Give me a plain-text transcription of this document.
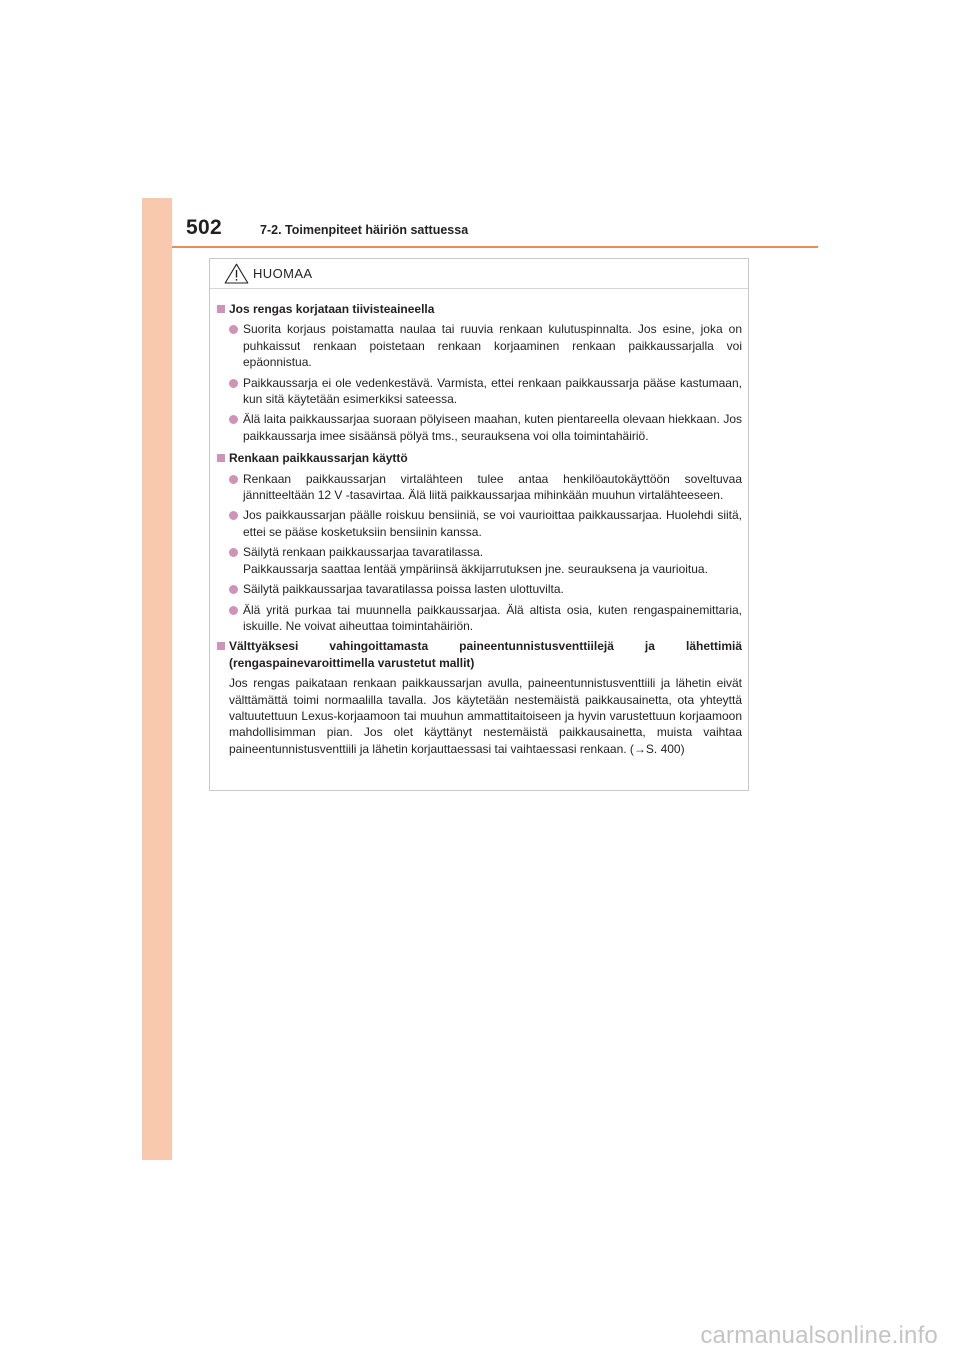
502	7-2. Toimenpiteet häiriön sattuessa
HUOMAA
Jos rengas korjataan tiivisteaineella
Suorita korjaus poistamatta naulaa tai ruuvia renkaan kulutuspinnalta. Jos esine, joka on puhkaissut renkaan poistetaan renkaan korjaaminen renkaan paikkaussarjalla voi epäonnistua.
Paikkaussarja ei ole vedenkestävä. Varmista, ettei renkaan paikkaussarja pääse kastumaan, kun sitä käytetään esimerkiksi sateessa.
Älä laita paikkaussarjaa suoraan pölyiseen maahan, kuten pientareella olevaan hiekkaan. Jos paikkaussarja imee sisäänsä pölyä tms., seurauksena voi olla toimintahäiriö.
Renkaan paikkaussarjan käyttö
Renkaan paikkaussarjan virtalähteen tulee antaa henkilöautokäyttöön soveltuvaa jännitteeltään 12 V -tasavirtaa. Älä liitä paikkaussarjaa mihinkään muuhun virtalähteeseen.
Jos paikkaussarjan päälle roiskuu bensiiniä, se voi vaurioittaa paikkaussarjaa. Huolehdi siitä, ettei se pääse kosketuksiin bensiinin kanssa.
Säilytä renkaan paikkaussarjaa tavaratilassa.
Paikkaussarja saattaa lentää ympäriinsä äkkijarrutuksen jne. seurauksena ja vaurioitua.
Säilytä paikkaussarjaa tavaratilassa poissa lasten ulottuvilta.
Älä yritä purkaa tai muunnella paikkaussarjaa. Älä altista osia, kuten rengaspainemittaria, iskuille. Ne voivat aiheuttaa toimintahäiriön.
Välttyäksesi vahingoittamasta paineentunnistusventtiilejä ja lähettimiä (rengaspainevaroittimella varustetut mallit)

Jos rengas paikataan renkaan paikkaussarjan avulla, paineentunnistusventtiili ja lähetin eivät välttämättä toimi normaalilla tavalla. Jos käytetään nestemäistä paikkausainetta, ota yhteyttä valtuutettuun Lexus-korjaamoon tai muuhun ammattitaitoiseen ja hyvin varustettuun korjaamoon mahdollisimman pian. Jos olet käyttänyt nestemäistä paikkausainetta, muista vaihtaa paineentunnistusventtiili ja lähetin korjauttaessasi tai vaihtaessasi renkaan. (→S. 400)

carmanualsonline.info
